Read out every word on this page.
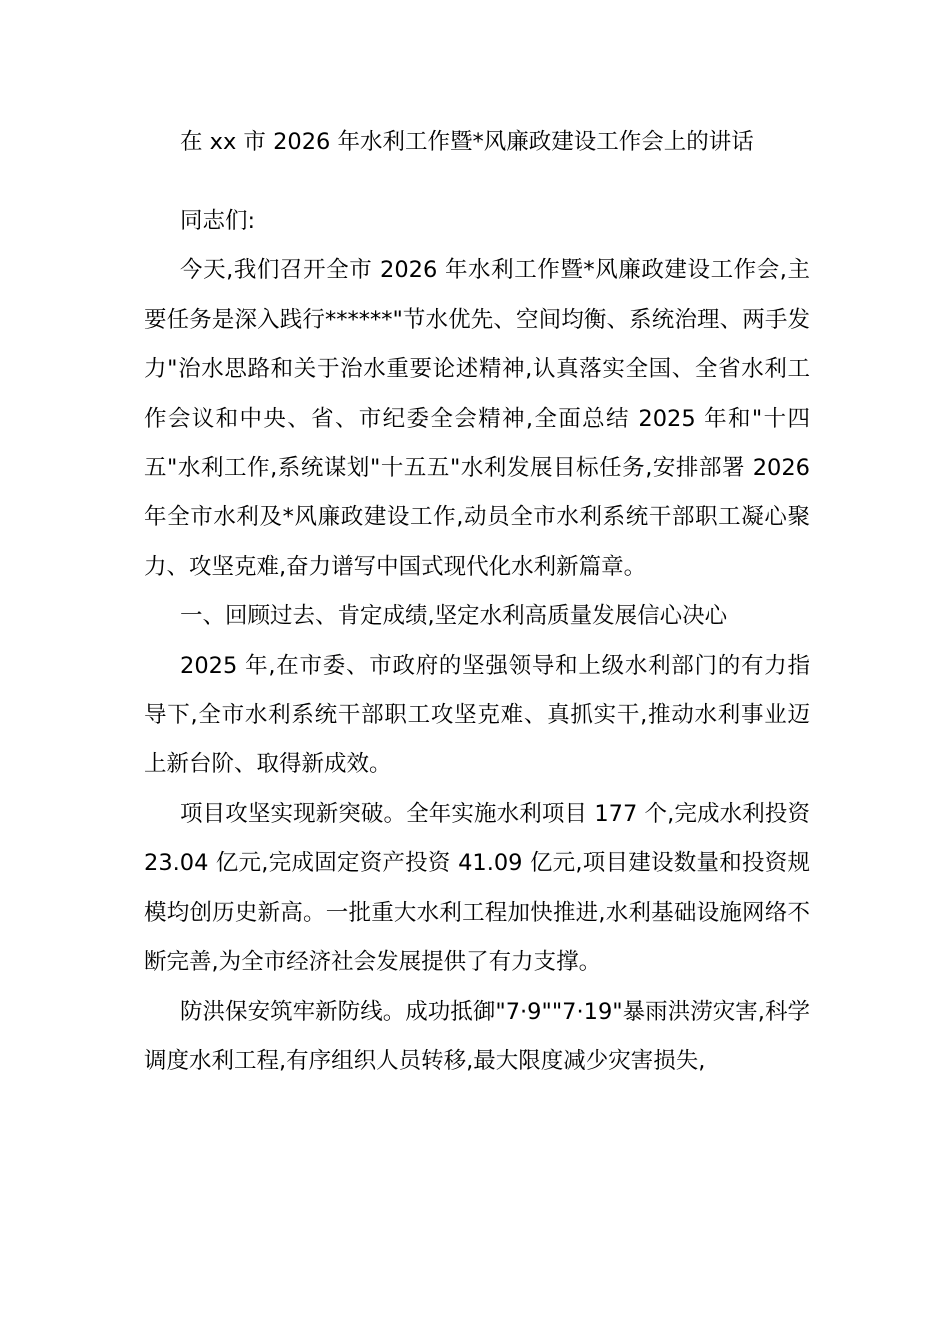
在 xx 市 2026 年水利工作暨*风廉政建设工作会上的讲话

同志们:

今天,我们召开全市 2026 年水利工作暨*风廉政建设工作会,主要任务是深入践行******"节水优先、空间均衡、系统治理、两手发力"治水思路和关于治水重要论述精神,认真落实全国、全省水利工作会议和中央、省、市纪委全会精神,全面总结 2025 年和"十四五"水利工作,系统谋划"十五五"水利发展目标任务,安排部署 2026 年全市水利及*风廉政建设工作,动员全市水利系统干部职工凝心聚力、攻坚克难,奋力谱写中国式现代化水利新篇章。

一、回顾过去、肯定成绩,坚定水利高质量发展信心决心

2025 年,在市委、市政府的坚强领导和上级水利部门的有力指导下,全市水利系统干部职工攻坚克难、真抓实干,推动水利事业迈上新台阶、取得新成效。

项目攻坚实现新突破。全年实施水利项目 177 个,完成水利投资 23.04 亿元,完成固定资产投资 41.09 亿元,项目建设数量和投资规模均创历史新高。一批重大水利工程加快推进,水利基础设施网络不断完善,为全市经济社会发展提供了有力支撑。

防洪保安筑牢新防线。成功抵御"7·9""7·19"暴雨洪涝灾害,科学调度水利工程,有序组织人员转移,最大限度减少灾害损失,
